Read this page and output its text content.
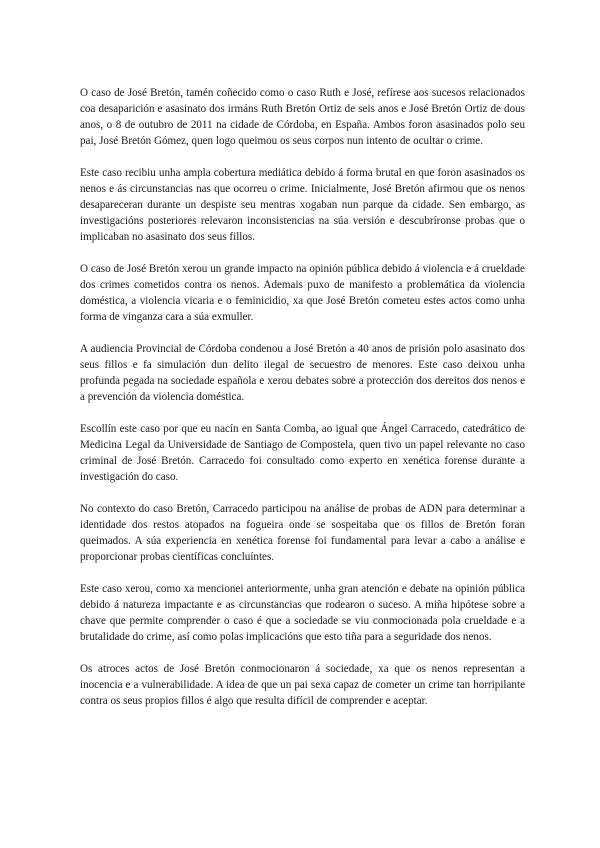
O caso de José Bretón, tamén coñecido como o caso Ruth e José, refírese aos sucesos relacionados coa desaparición e asasinato dos irmáns Ruth Bretón Ortiz de seis anos e José Bretón Ortiz de dous anos, o 8 de outubro de 2011 na cidade de Córdoba, en España. Ambos foron asasinados polo seu pai, José Bretón Gómez, quen logo queimou os seus corpos nun intento de ocultar o crime.

Este caso recibiu unha ampla cobertura mediática debido á forma brutal en que foron asasinados os nenos e ás circunstancias nas que ocorreu o crime. Inicialmente, José Bretón afirmou que os nenos desapareceran durante un despiste seu mentras xogaban nun parque da cidade. Sen embargo, as investigacións posteriores relevaron inconsistencias na súa versión e descubríronse probas que o implicaban no asasinato dos seus fillos.

O caso de José Bretón xerou un grande impacto na opinión pública debido á violencia e á crueldade dos crimes cometidos contra os nenos. Ademais puxo de manifesto a problemática da violencia doméstica, a violencia vicaria e o feminicidio, xa que José Bretón cometeu estes actos como unha forma de vinganza cara a súa exmuller.

A audiencia Provincial de Córdoba condenou a José Bretón a 40 anos de prisión polo asasinato dos seus fillos e fa simulación dun delito ilegal de secuestro de menores. Este caso deixou unha profunda pegada na sociedade española e xerou debates sobre a protección dos dereitos dos nenos e a prevención da violencia doméstica.

Escollín este caso por que eu nacín en Santa Comba, ao igual que Ángel Carracedo, catedrático de Medicina Legal da Universidade de Santiago de Compostela, quen tivo un papel relevante no caso criminal de José Bretón. Carracedo foi consultado como experto en xenética forense durante a investigación do caso.

No contexto do caso Bretón, Carracedo participou na análise de probas de ADN para determinar a identidade dos restos atopados na fogueira onde se sospeitaba que os fillos de Bretón foran queimados. A súa experiencia en xenética forense foi fundamental para levar a cabo a análise e proporcionar probas científicas concluíntes.

Este caso xerou, como xa mencionei anteriormente, unha gran atención e debate na opinión pública debido á natureza impactante e as circunstancias que rodearon o suceso. A miña hipótese sobre a chave que permite comprender o caso é que a sociedade se viu conmocionada pola crueldade e a brutalidade do crime, así como polas implicacións que esto tiña para a seguridade dos nenos.

Os atroces actos de José Bretón conmocionaron á sociedade, xa que os nenos representan a inocencia e a vulnerabilidade. A idea de que un pai sexa capaz de cometer un crime tan horripilante contra os seus propios fillos é algo que resulta difícil de comprender e aceptar.
